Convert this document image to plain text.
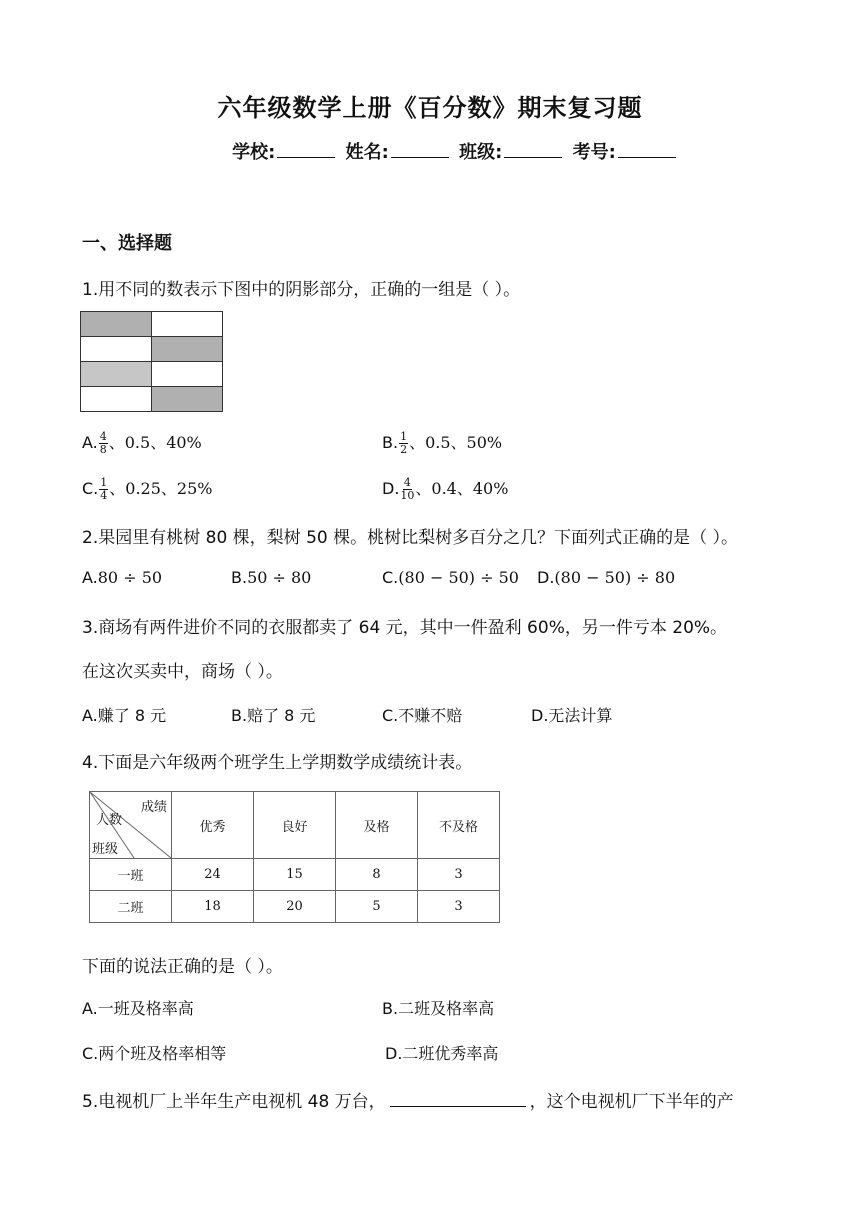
六年级数学上册《百分数》期末复习题
学校:	姓名:	班级:	考号:
一、选择题
1.用不同的数表示下图中的阴影部分，正确的一组是（ ）。

A. $\frac{4}{8}$ 、0.5、40%	B. $\frac{1}{2}$ 、0.5、50%
C. $\frac{1}{4}$ 、0.25、25%	D. $\frac{4}{10}$ 、0.4、40%
2.果园里有桃树 80 棵，梨树 50 棵。桃树比梨树多百分之几？下面列式正确的是（ ）。
A.80 ÷ 50	B.50 ÷ 80	C.(80 − 50) ÷ 50 D.(80 − 50) ÷ 80
3.商场有两件进价不同的衣服都卖了 64 元，其中一件盈利 60%，另一件亏本 20%。
在这次买卖中，商场（ ）。
A.赚了 8 元	B.赔了 8 元	C.不赚不赔	D.无法计算
4.下面是六年级两个班学生上学期数学成绩统计表。
成绩
人数
班级	优秀	良好	及格	不及格
一班	24	15	8	3
二班	18	20	5	3
下面的说法正确的是（ ）。
A.一班及格率高	B.二班及格率高
C.两个班及格率相等	D.二班优秀率高
5.电视机厂上半年生产电视机 48 万台，	，这个电视机厂下半年的产
